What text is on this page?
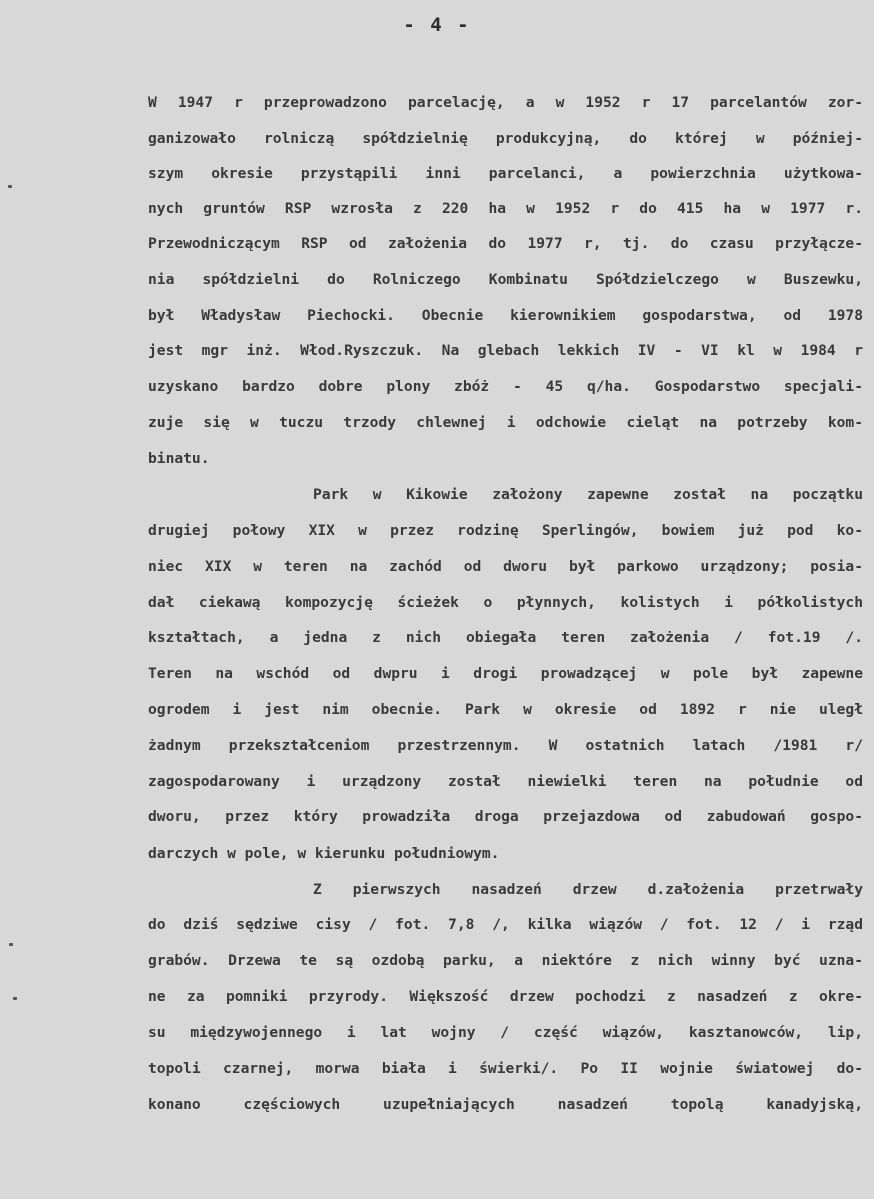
- 4 -
W 1947 r przeprowadzono parcelację, a w 1952 r 17 parcelantów zor-
ganizowało rolniczą spółdzielnię produkcyjną, do której w później-
szym okresie przystąpili inni parcelanci, a powierzchnia użytkowa-
nych gruntów RSP wzrosła z 220 ha w 1952 r do 415 ha w 1977 r.
Przewodniczącym RSP od założenia do 1977 r, tj. do czasu przyłącze-
nia spółdzielni do Rolniczego Kombinatu Spółdzielczego w Buszewku,
był Władysław Piechocki. Obecnie kierownikiem gospodarstwa, od 1978
jest mgr inż. Włod.Ryszczuk. Na glebach lekkich IV - VI kl w 1984 r
uzyskano bardzo dobre plony zbóż - 45 q/ha. Gospodarstwo specjali-
zuje się w tuczu trzody chlewnej i odchowie cieląt na potrzeby kom-
binatu.
Park w Kikowie założony zapewne został na początku
drugiej połowy XIX w przez rodzinę Sperlingów, bowiem już pod ko-
niec XIX w teren na zachód od dworu był parkowo urządzony; posia-
dał ciekawą kompozycję ścieżek o płynnych, kolistych i półkolistych
kształtach, a jedna z nich obiegała teren założenia / fot.19 /.
Teren na wschód od dwpru i drogi prowadzącej w pole był zapewne
ogrodem i jest nim obecnie. Park w okresie od 1892 r nie uległ
żadnym przekształceniom przestrzennym. W ostatnich latach /1981 r/
zagospodarowany i urządzony został niewielki teren na południe od
dworu, przez który prowadziła droga przejazdowa od zabudowań gospo-
darczych w pole, w kierunku południowym.
Z pierwszych nasadzeń drzew d.założenia przetrwały
do dziś sędziwe cisy / fot. 7,8 /, kilka wiązów / fot. 12 / i rząd
grabów. Drzewa te są ozdobą parku, a niektóre z nich winny być uzna-
ne za pomniki przyrody. Większość drzew pochodzi z nasadzeń z okre-
su międzywojennego i lat wojny / część wiązów, kasztanowców, lip,
topoli czarnej, morwa biała i świerki/. Po II wojnie światowej do-
konano częściowych uzupełniających nasadzeń topolą kanadyjską,
